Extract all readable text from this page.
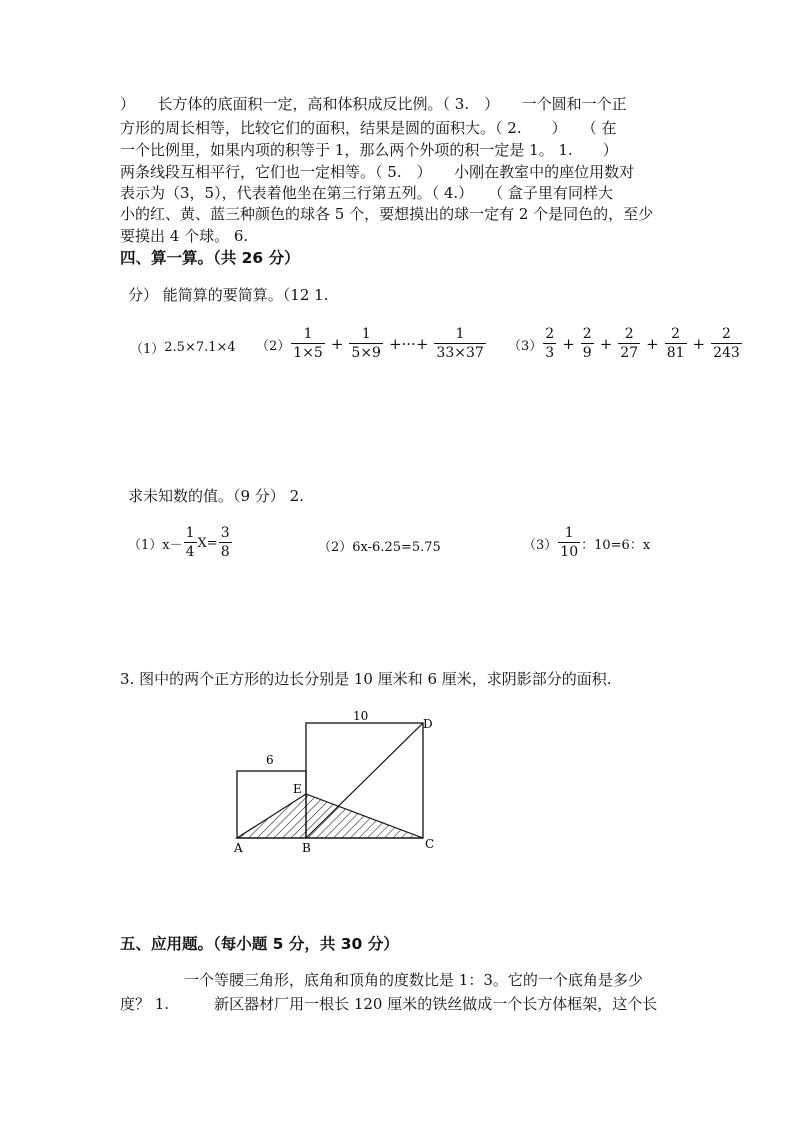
）　　长方体的底面积一定，高和体积成反比例。（ 3.　）　　一个圆和一个正
方形的周长相等，比较它们的面积，结果是圆的面积大。（ 2.　　）　　（ 在
一个比例里，如果内项的积等于 1，那么两个外项的积一定是 1。 1.　　）
两条线段互相平行，它们也一定相等。（ 5.　）　　小刚在教室中的座位用数对
表示为（3，5），代表着他坐在第三行第五列。（ 4.）　　（ 盒子里有同样大
小的红、黄、蓝三种颜色的球各 5 个，要想摸出的球一定有 2 个是同色的，至少
要摸出 4 个球。 6.
四、算一算。（共 26 分）
分） 能简算的要简算。（12 1.
（1） 2.5×7.1×4 $(2) \frac{1}{1\times 5} + \frac{1}{5\times 9}$ +···+ $\frac{1}{33\times 37} (3) \frac{2}{3} + \frac{2}{9} + \frac{2}{27} + \frac{2}{81} + \frac{2}{243}$
求未知数的值。（9 分） 2.
$(1)x- \frac{1}{4} X= \frac{3}{8}$	（2）6x-6.25=5.75	$(3) \frac{1}{10}$ ：10=6：x
3. 图中的两个正方形的边长分别是 10 厘米和 6 厘米，求阴影部分的面积.
10
6
D
E
A	B	C
五、应用题。（每小题 5 分，共 30 分）
一个等腰三角形，底角和顶角的度数比是 1：3。它的一个底角是多少
度？ 1.　　　新区器材厂用一根长 120 厘米的铁丝做成一个长方体框架，这个长
